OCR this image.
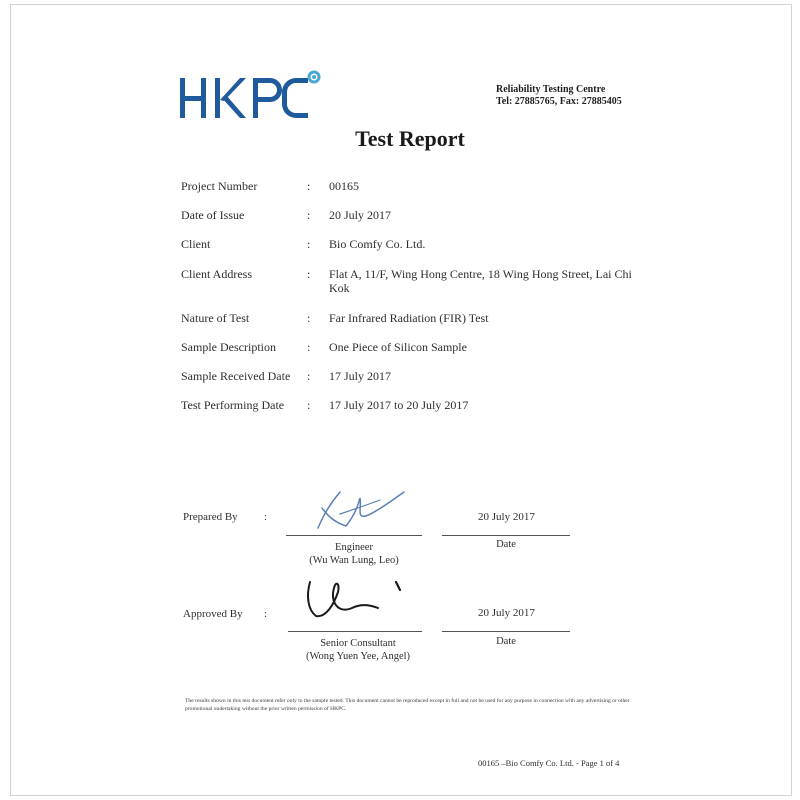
Reliability Testing Centre
Tel: 27885765, Fax: 27885405
Test Report
Project Number	: 00165
Date of Issue	: 20 July 2017
Client	: Bio Comfy Co. Ltd.
Client Address	: Flat A, 11/F, Wing Hong Centre, 18 Wing Hong Street, Lai Chi Kok
Nature of Test	: Far Infrared Radiation (FIR) Test
Sample Description	: One Piece of Silicon Sample
Sample Received Date : 17 July 2017
Test Performing Date : 17 July 2017 to 20 July 2017
Prepared By :
Engineer
(Wu Wan Lung, Leo)
20 July 2017
Date
Approved By :
Senior Consultant
(Wong Yuen Yee, Angel)
20 July 2017
Date
The results shown in this test document refer only to the sample tested. This document cannot be reproduced except in full and not be used for any purpose in connection with any advertising or other promotional undertaking without the prior written permission of HKPC.
00165 –Bio Comfy Co. Ltd. - Page 1 of 4
